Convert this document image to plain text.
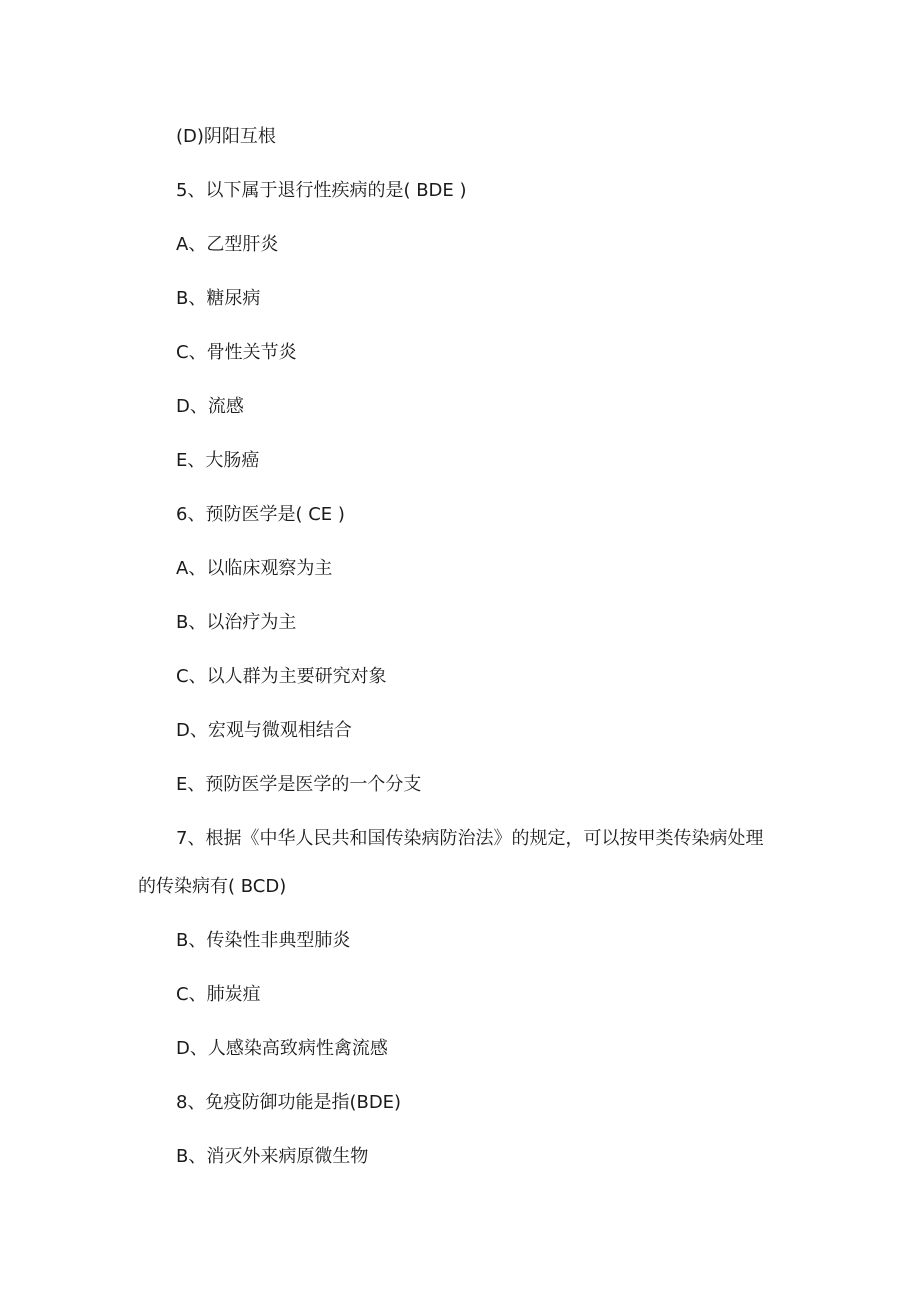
(D)阴阳互根
5、以下属于退行性疾病的是( BDE )
A、乙型肝炎
B、糖尿病
C、骨性关节炎
D、流感
E、大肠癌
6、预防医学是( CE )
A、以临床观察为主
B、以治疗为主
C、以人群为主要研究对象
D、宏观与微观相结合
E、预防医学是医学的一个分支
7、根据《中华人民共和国传染病防治法》的规定，可以按甲类传染病处理
的传染病有( BCD)
B、传染性非典型肺炎
C、肺炭疽
D、人感染高致病性禽流感
8、免疫防御功能是指(BDE)
B、消灭外来病原微生物
